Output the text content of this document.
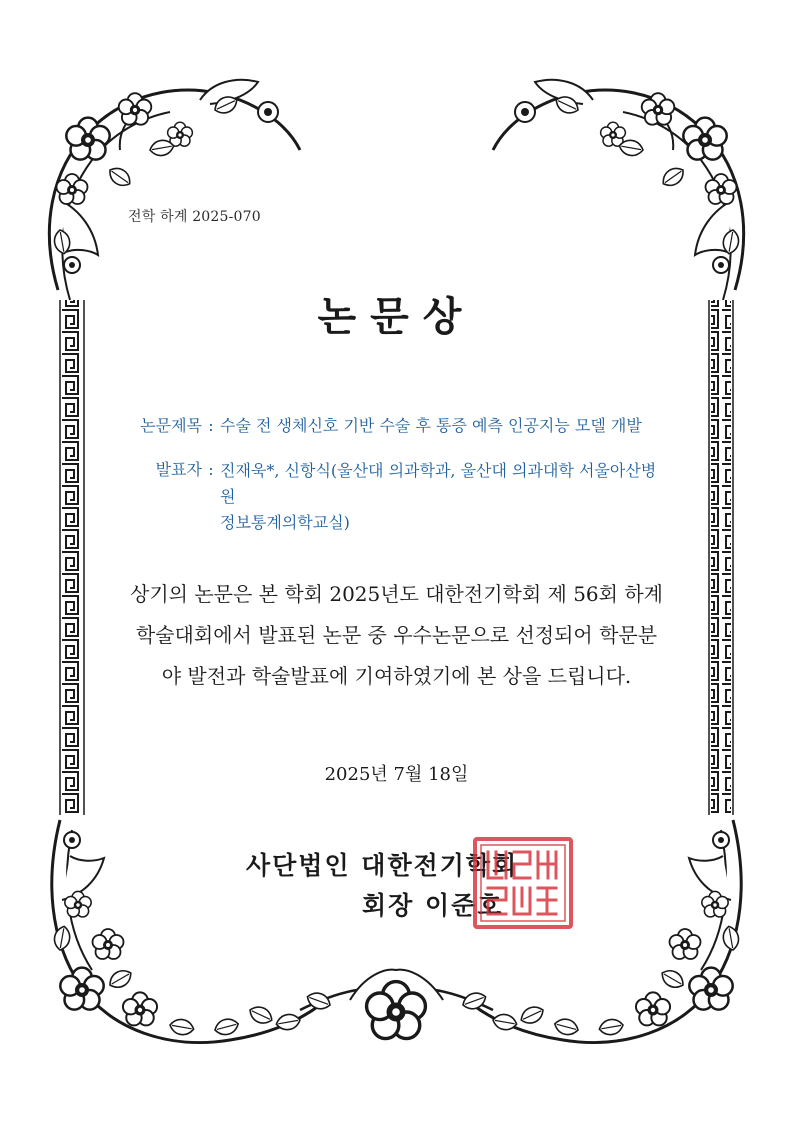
전학 하계 2025-070
논문상
논문제목 : 수술 전 생체신호 기반 수술 후 통증 예측 인공지능 모델 개발
발표자 : 진재욱*, 신항식(울산대 의과학과, 울산대 의과대학 서울아산병원
정보통계의학교실)
상기의 논문은 본 학회 2025년도 대한전기학회 제 56회 하계
학술대회에서 발표된 논문 중 우수논문으로 선정되어 학문분
야 발전과 학술발표에 기여하였기에 본 상을 드립니다.
2025년 7월 18일
사단법인 대한전기학회
회장 이준호
